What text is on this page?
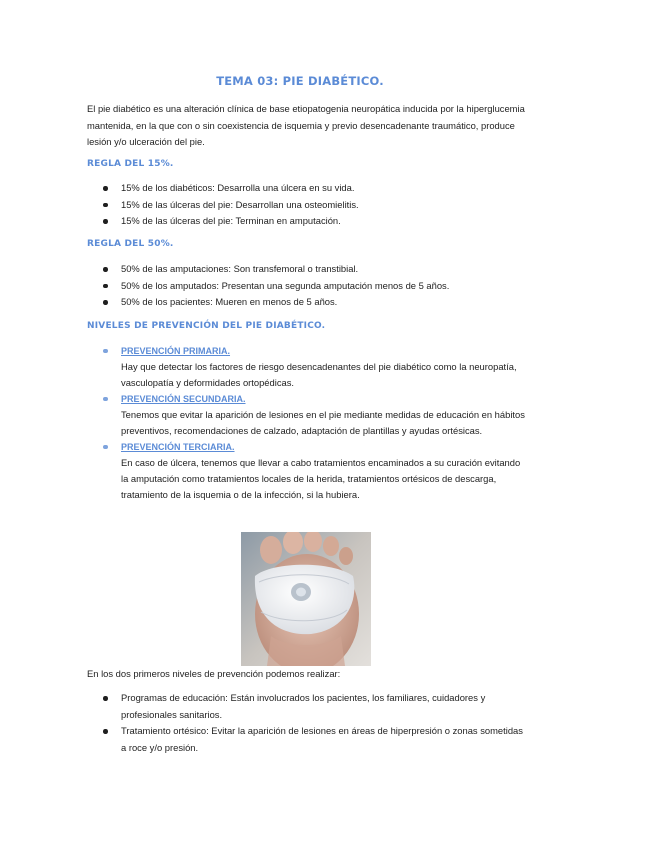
TEMA 03: PIE DIABÉTICO.
El pie diabético es una alteración clínica de base etiopatogenia neuropática inducida por la hiperglucemia mantenida, en la que con o sin coexistencia de isquemia y previo desencadenante traumático, produce lesión y/o ulceración del pie.
REGLA DEL 15%.
15% de los diabéticos: Desarrolla una úlcera en su vida.
15% de las úlceras del pie: Desarrollan una osteomielitis.
15% de las úlceras del pie: Terminan en amputación.
REGLA DEL 50%.
50% de las amputaciones: Son transfemoral o transtibial.
50% de los amputados: Presentan una segunda amputación menos de 5 años.
50% de los pacientes: Mueren en menos de 5 años.
NIVELES DE PREVENCIÓN DEL PIE DIABÉTICO.
PREVENCIÓN PRIMARIA.
Hay que detectar los factores de riesgo desencadenantes del pie diabético como la neuropatía, vasculopatía y deformidades ortopédicas.
PREVENCIÓN SECUNDARIA.
Tenemos que evitar la aparición de lesiones en el pie mediante medidas de educación en hábitos preventivos, recomendaciones de calzado, adaptación de plantillas y ayudas ortésicas.
PREVENCIÓN TERCIARIA.
En caso de úlcera, tenemos que llevar a cabo tratamientos encaminados a su curación evitando la amputación como tratamientos locales de la herida, tratamientos ortésicos de descarga, tratamiento de la isquemia o de la infección, si la hubiera.
En los dos primeros niveles de prevención podemos realizar:
Programas de educación: Están involucrados los pacientes, los familiares, cuidadores y profesionales sanitarios.
Tratamiento ortésico: Evitar la aparición de lesiones en áreas de hiperpresión o zonas sometidas a roce y/o presión.
